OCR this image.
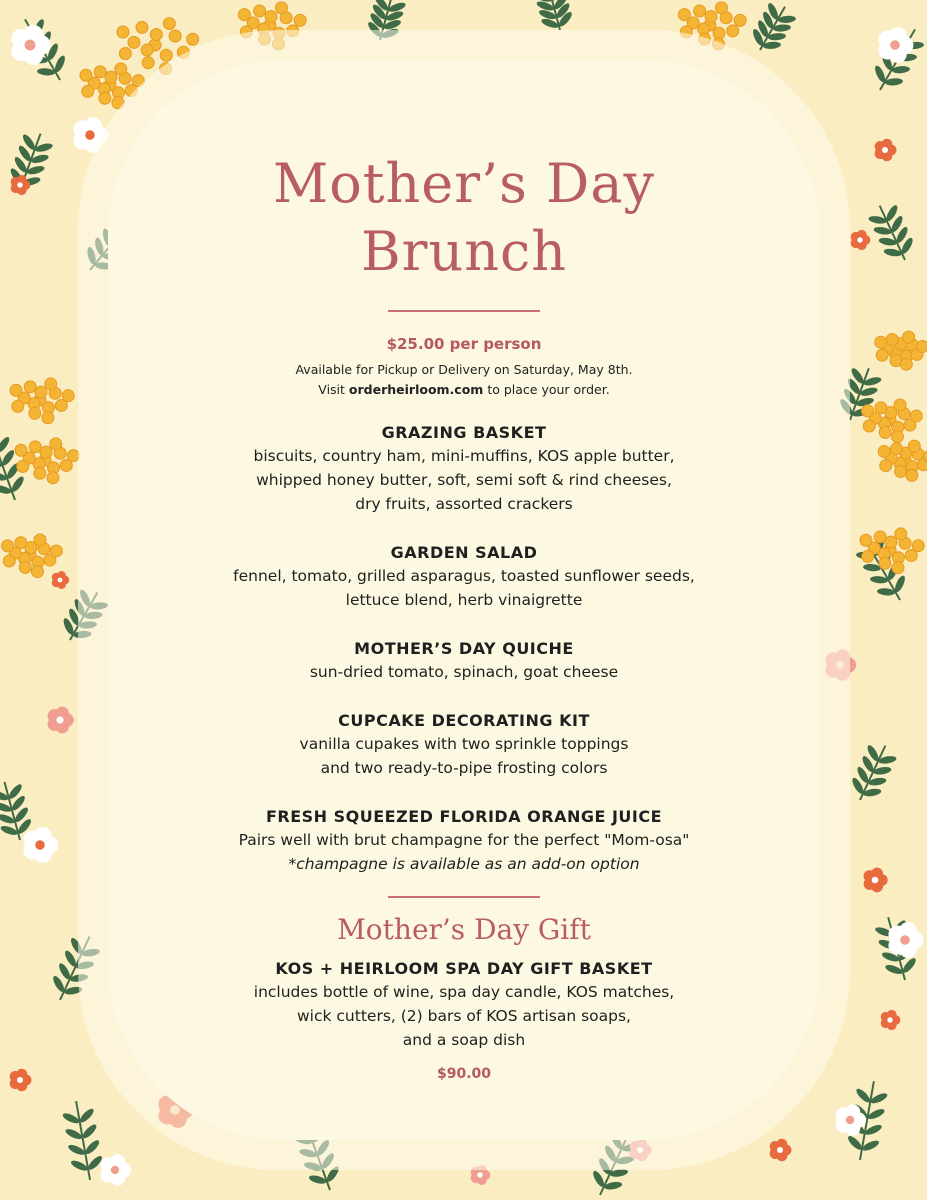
Mother’s Day
Brunch
$25.00 per person
Available for Pickup or Delivery on Saturday, May 8th.
Visit orderheirloom.com to place your order.
GRAZING BASKET
biscuits, country ham, mini-muffins, KOS apple butter,
whipped honey butter, soft, semi soft & rind cheeses,
dry fruits, assorted crackers
GARDEN SALAD
fennel, tomato, grilled asparagus, toasted sunflower seeds,
lettuce blend, herb vinaigrette
MOTHER’S DAY QUICHE
sun-dried tomato, spinach, goat cheese
CUPCAKE DECORATING KIT
vanilla cupakes with two sprinkle toppings
and two ready-to-pipe frosting colors
FRESH SQUEEZED FLORIDA ORANGE JUICE
Pairs well with brut champagne for the perfect "Mom-osa"
*champagne is available as an add-on option
Mother’s Day Gift
KOS + HEIRLOOM SPA DAY GIFT BASKET
includes bottle of wine, spa day candle, KOS matches,
wick cutters, (2) bars of KOS artisan soaps,
and a soap dish
$90.00
